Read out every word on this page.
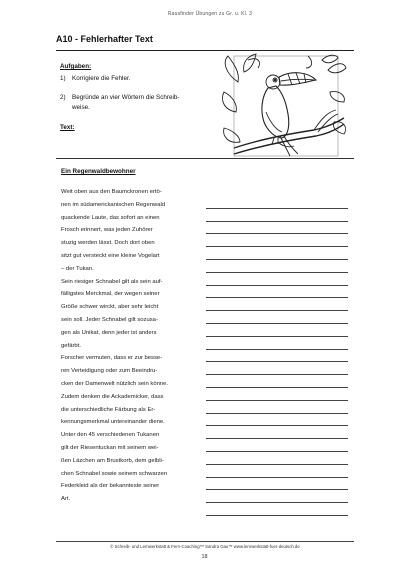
Rausfinder Übungen zu Gr. u. Kl. 3
A10 - Fehlerhafter Text
Aufgaben:
1) Korrigiere die Fehler.
2) Begründe an vier Wörtern die Schreib-
weise.
Text:
Ein Regenwaldbewohner
Weit oben aus den Baumckronen ertö-
nen im südamerickanischen Regenwald
quackende Laute, das sofort an einen
Frosch erinnert, was jeden Zuhörer
stuzig werden lässt. Doch dort oben
sitzt gut versteckt eine kleine Vogelart
– der Tukan.
Sein riesiger Schnabel gilt als sein auf-
fälligstes Merckmal, der wegen seiner
Größe schwer wirckt, aber sehr leicht
sein soll. Jeder Schnabel gilt sozusa-
gen als Unikat, denn jeder ist anders
gefärbt.
Forscher vermuten, dass er zur besse-
ren Verteidigung oder zum Beeindru-
cken der Damenwelt nützlich sein könne.
Zudem denken die Ackademicker, dass
die unterschiedliche Färbung als Er-
kennungsmerkmal untereinander diene.
Unter den 45 verschiedenen Tukanen
gilt der Riesentuckan mit seinem wei-
ßen Läzchen am Brustkorb, dem gelbli-
chen Schnabel sowie seinem schwarzen
Federkleid als der bekannteste seiner
Art.
© Schreib- und Lernwerkstatt & Fern-Coaching™ Sandra Gau™ www.lernwerkstatt-fuer-deutsch.de
18
